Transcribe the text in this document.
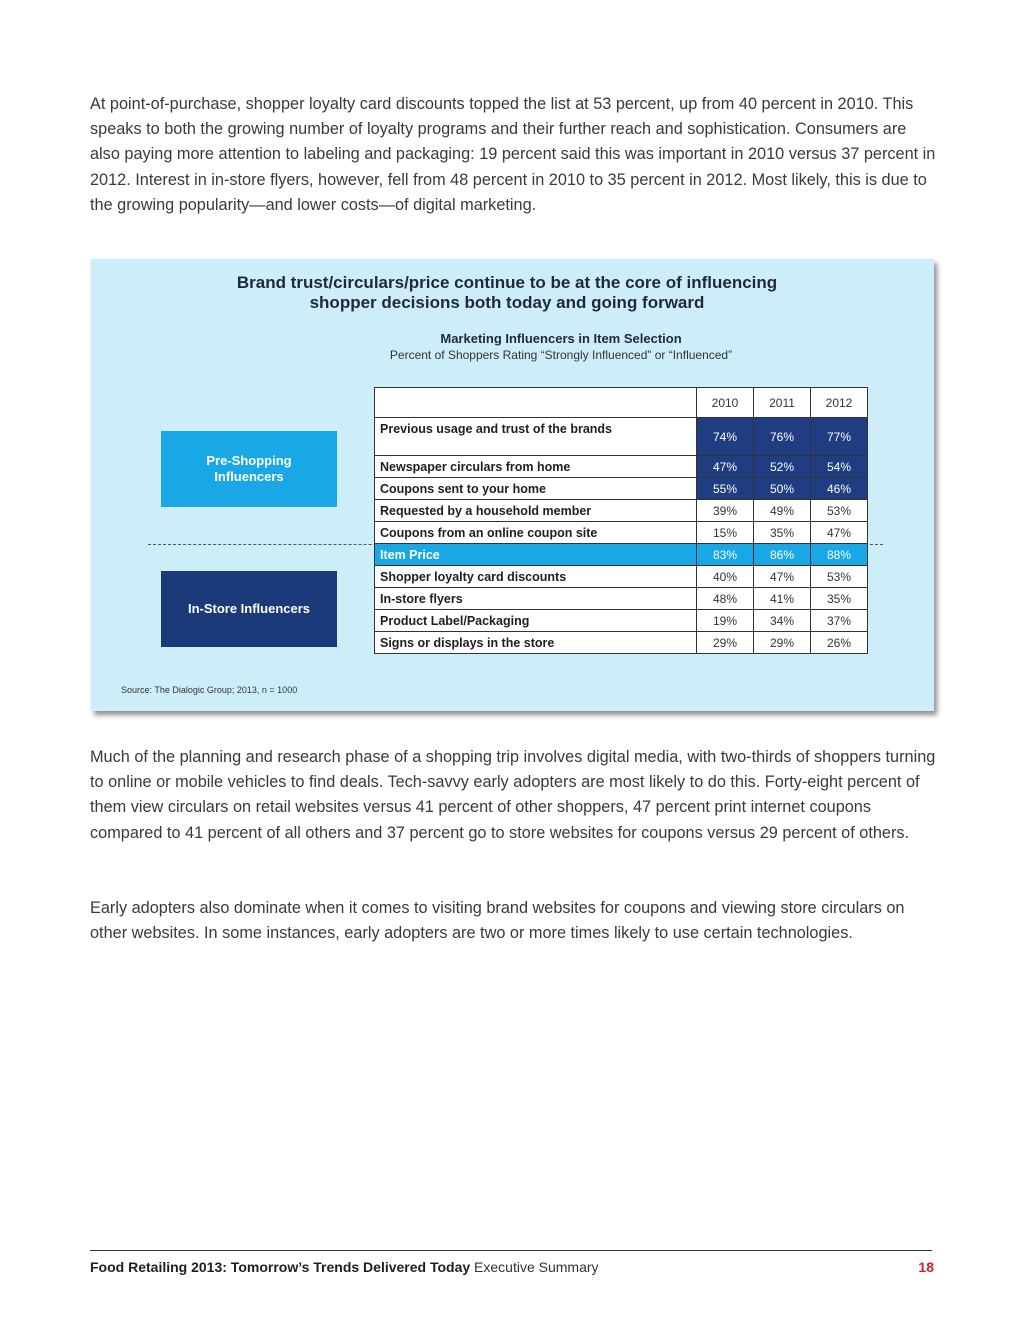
At point-of-purchase, shopper loyalty card discounts topped the list at 53 percent, up from 40 percent in 2010. This speaks to both the growing number of loyalty programs and their further reach and sophistication. Consumers are also paying more attention to labeling and packaging: 19 percent said this was important in 2010 versus 37 percent in 2012. Interest in in-store flyers, however, fell from 48 percent in 2010 to 35 percent in 2012. Most likely, this is due to the growing popularity—and lower costs—of digital marketing.

Brand trust/circulars/price continue to be at the core of influencing
shopper decisions both today and going forward
Marketing Influencers in Item Selection
Percent of Shoppers Rating “Strongly Influenced” or “Influenced”
Pre-Shopping
Influencers
In-Store Influencers
	2010	2011	2012
Previous usage and trust of the brands	74%	76%	77%
Newspaper circulars from home	47%	52%	54%
Coupons sent to your home	55%	50%	46%
Requested by a household member	39%	49%	53%
Coupons from an online coupon site	15%	35%	47%
Item Price	83%	86%	88%
Shopper loyalty card discounts	40%	47%	53%
In-store flyers	48%	41%	35%
Product Label/Packaging	19%	34%	37%
Signs or displays in the store	29%	29%	26%
Source: The Dialogic Group; 2013, n = 1000

Much of the planning and research phase of a shopping trip involves digital media, with two-thirds of shoppers turning to online or mobile vehicles to find deals. Tech-savvy early adopters are most likely to do this. Forty-eight percent of them view circulars on retail websites versus 41 percent of other shoppers, 47 percent print internet coupons compared to 41 percent of all others and 37 percent go to store websites for coupons versus 29 percent of others.

Early adopters also dominate when it comes to visiting brand websites for coupons and viewing store circulars on other websites. In some instances, early adopters are two or more times likely to use certain technologies.

Food Retailing 2013: Tomorrow’s Trends Delivered Today Executive Summary	18
